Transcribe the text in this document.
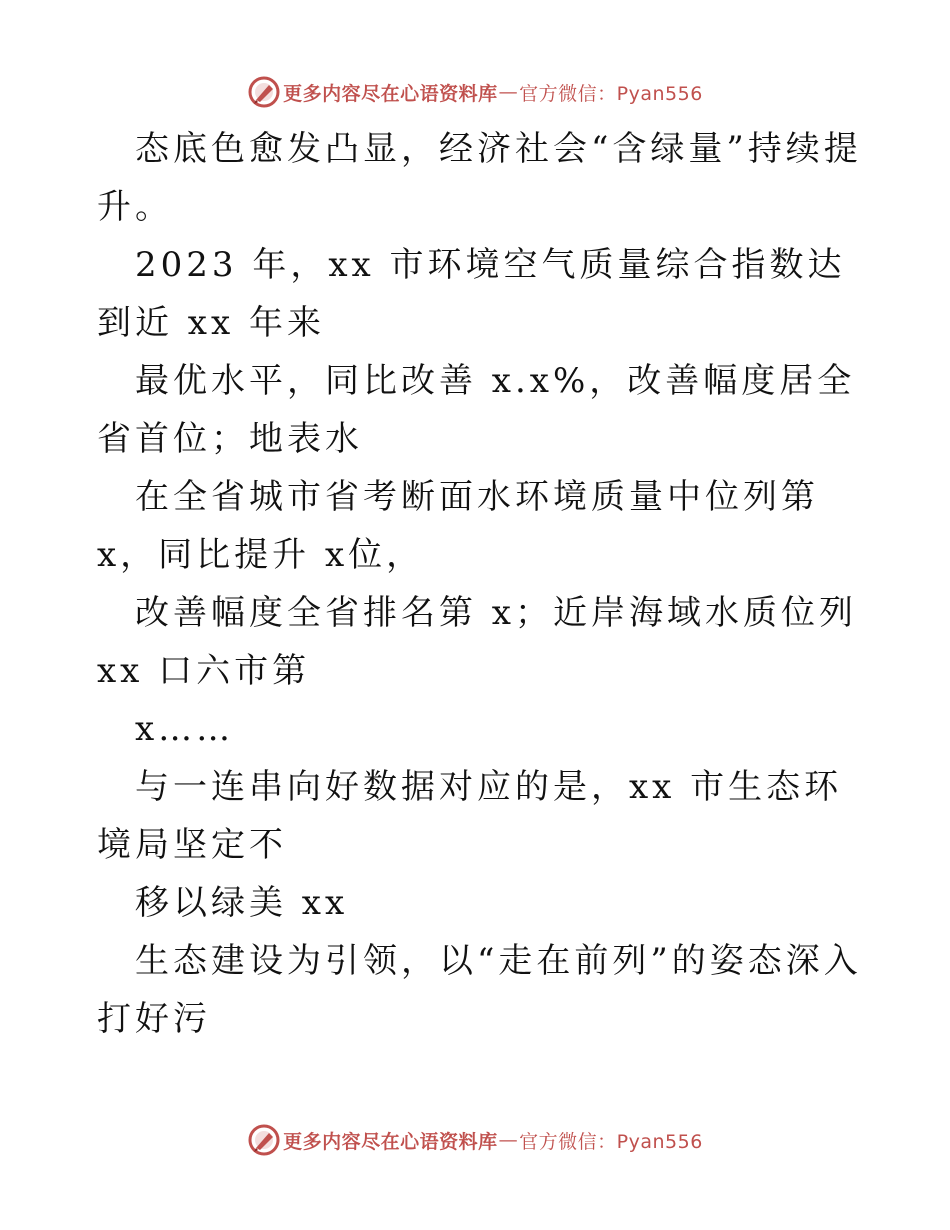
更多内容尽在心语资料库 — 官方微信：Pyan556

态底色愈发凸显，经济社会“含绿量”持续提升。

2023 年，xx 市环境空气质量综合指数达到近 xx 年来

最优水平，同比改善 x.x%，改善幅度居全省首位；地表水

在全省城市省考断面水环境质量中位列第 x，同比提升 x位，

改善幅度全省排名第 x；近岸海域水质位列 xx 口六市第

x……

与一连串向好数据对应的是，xx 市生态环境局坚定不

移以绿美 xx

生态建设为引领，以“走在前列”的姿态深入打好污

更多内容尽在心语资料库 — 官方微信：Pyan556
